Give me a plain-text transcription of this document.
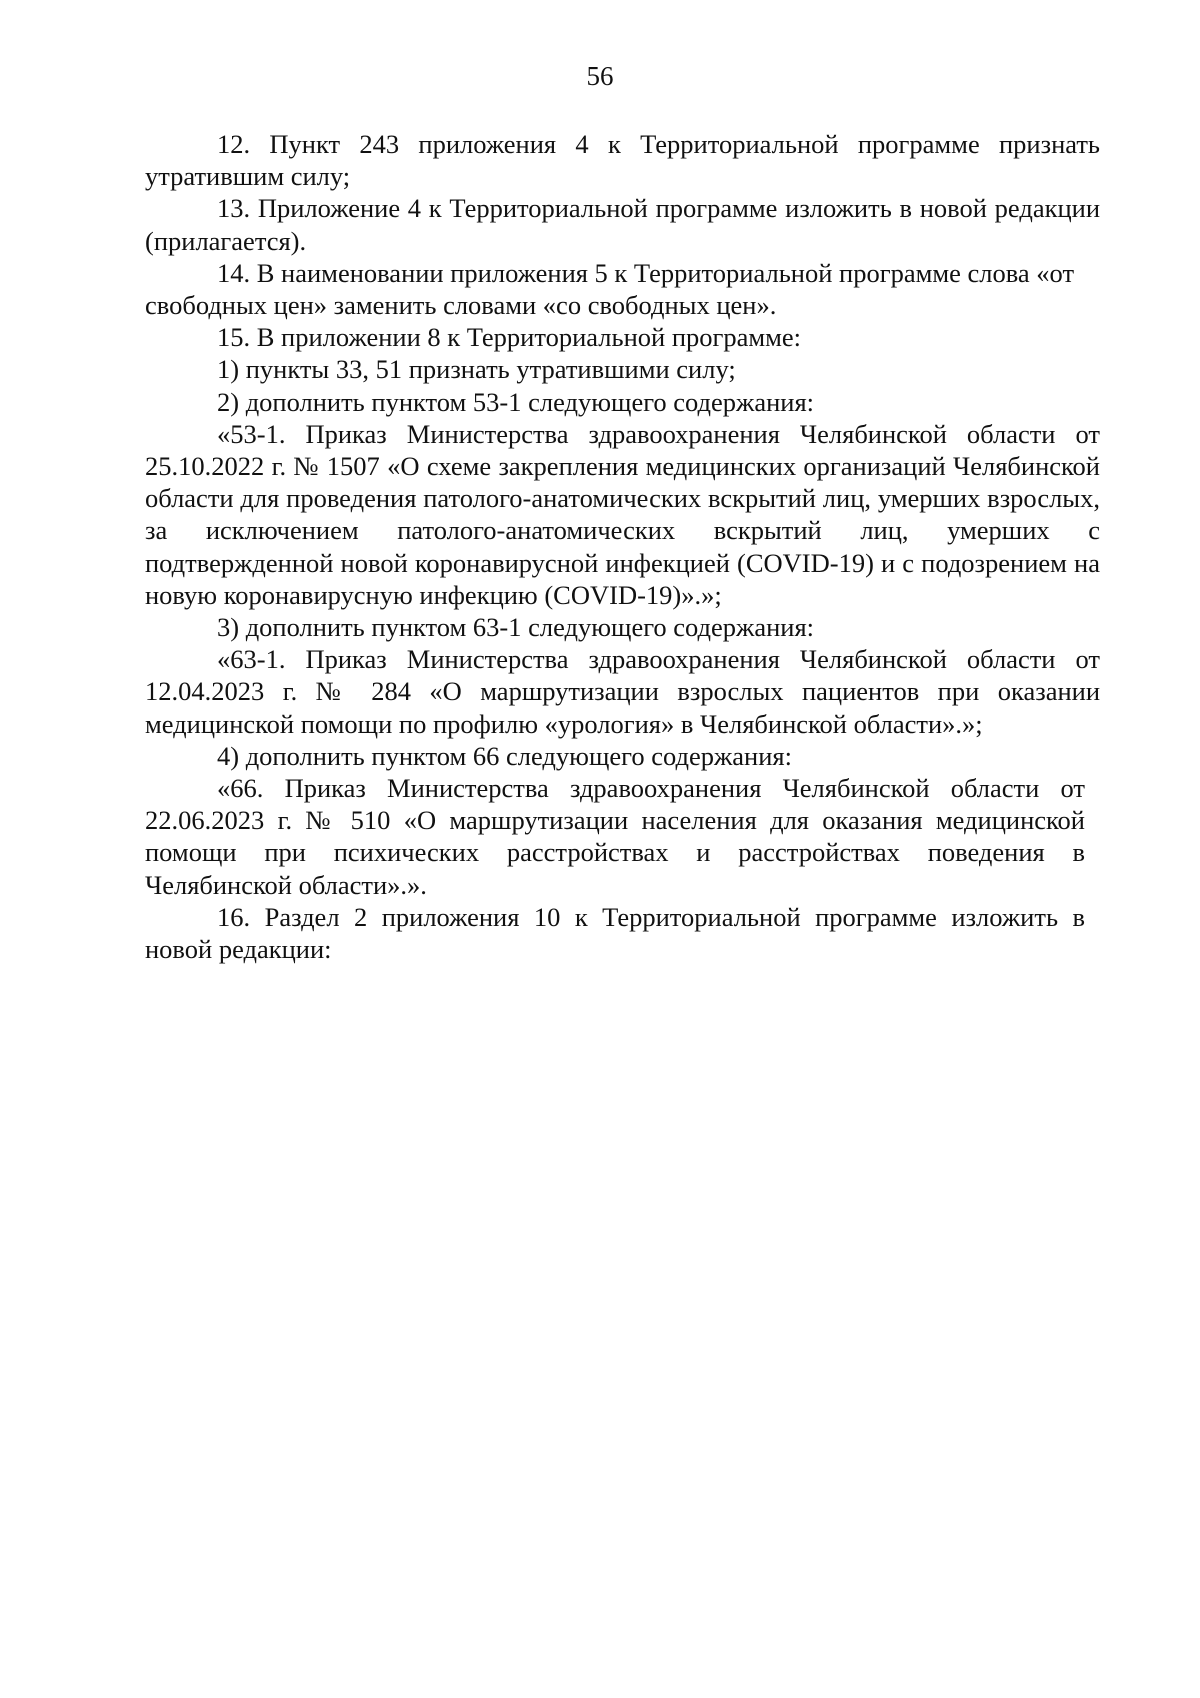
56

12. Пункт 243 приложения 4 к Территориальной программе признать утратившим силу;

13. Приложение 4 к Территориальной программе изложить в новой редакции (прилагается).

14. В наименовании приложения 5 к Территориальной программе слова «от свободных цен» заменить словами «со свободных цен».

15. В приложении 8 к Территориальной программе:

1) пункты 33, 51 признать утратившими силу;

2) дополнить пунктом 53-1 следующего содержания:

«53-1. Приказ Министерства здравоохранения Челябинской области от 25.10.2022 г. № 1507 «О схеме закрепления медицинских организаций Челябинской области для проведения патолого-анатомических вскрытий лиц, умерших взрослых, за исключением патолого-анатомических вскрытий лиц, умерших с подтвержденной новой коронавирусной инфекцией (COVID-19) и с подозрением на новую коронавирусную инфекцию (COVID-19)».»;

3) дополнить пунктом 63-1 следующего содержания:

«63-1. Приказ Министерства здравоохранения Челябинской области от 12.04.2023 г. № 284 «О маршрутизации взрослых пациентов при оказании медицинской помощи по профилю «урология» в Челябинской области».»;

4) дополнить пунктом 66 следующего содержания:

«66. Приказ Министерства здравоохранения Челябинской области от 22.06.2023 г. № 510 «О маршрутизации населения для оказания медицинской помощи при психических расстройствах и расстройствах поведения в Челябинской области».».

16. Раздел 2 приложения 10 к Территориальной программе изложить в новой редакции:
